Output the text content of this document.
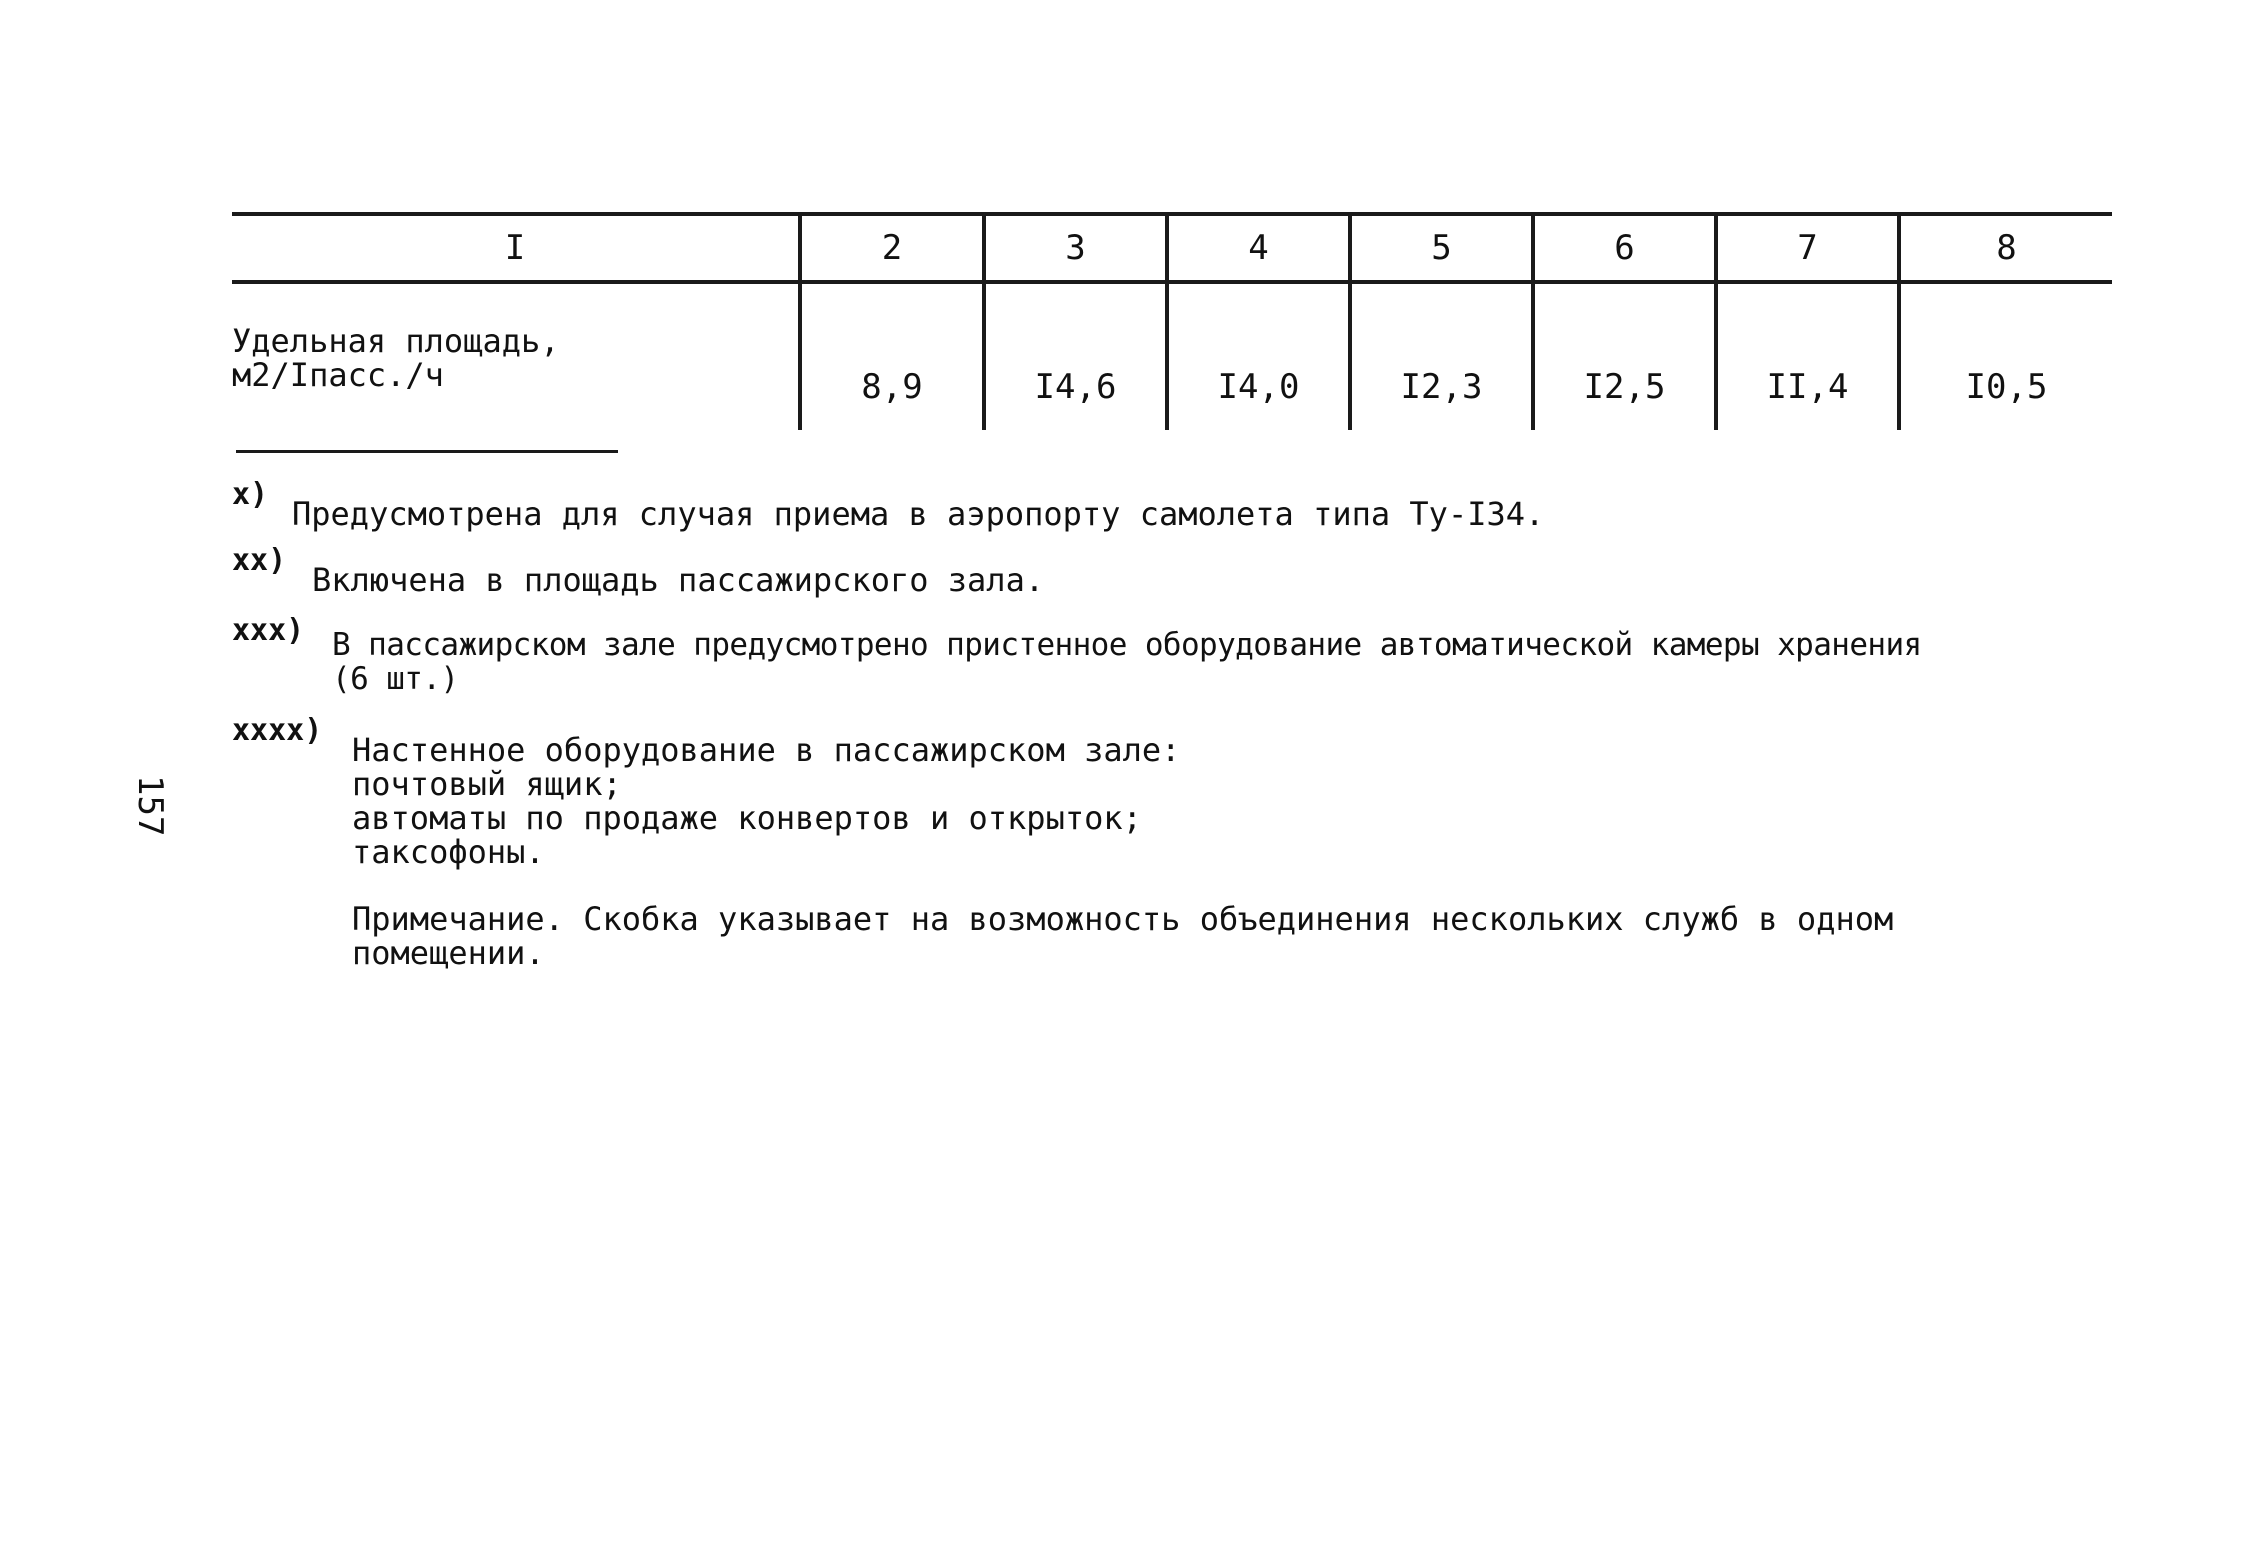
I	2	3	4	5	6	7	8
Удельная площадь,
м2/Iпасс./ч	8,9	I4,6	I4,0	I2,3	I2,5	II,4	I0,5
x)
Предусмотрена для случая приема в аэропорту самолета типа Ту-I34.
xx)
Включена в площадь пассажирского зала.
xxx) В пассажирском зале предусмотрено пристенное оборудование автоматической камеры хранения
(6 шт.)
xxxx)
Настенное оборудование в пассажирском зале:
почтовый ящик;
автоматы по продаже конвертов и открыток;
таксофоны.
Примечание. Скобка указывает на возможность объединения нескольких служб в одном
помещении.
157
